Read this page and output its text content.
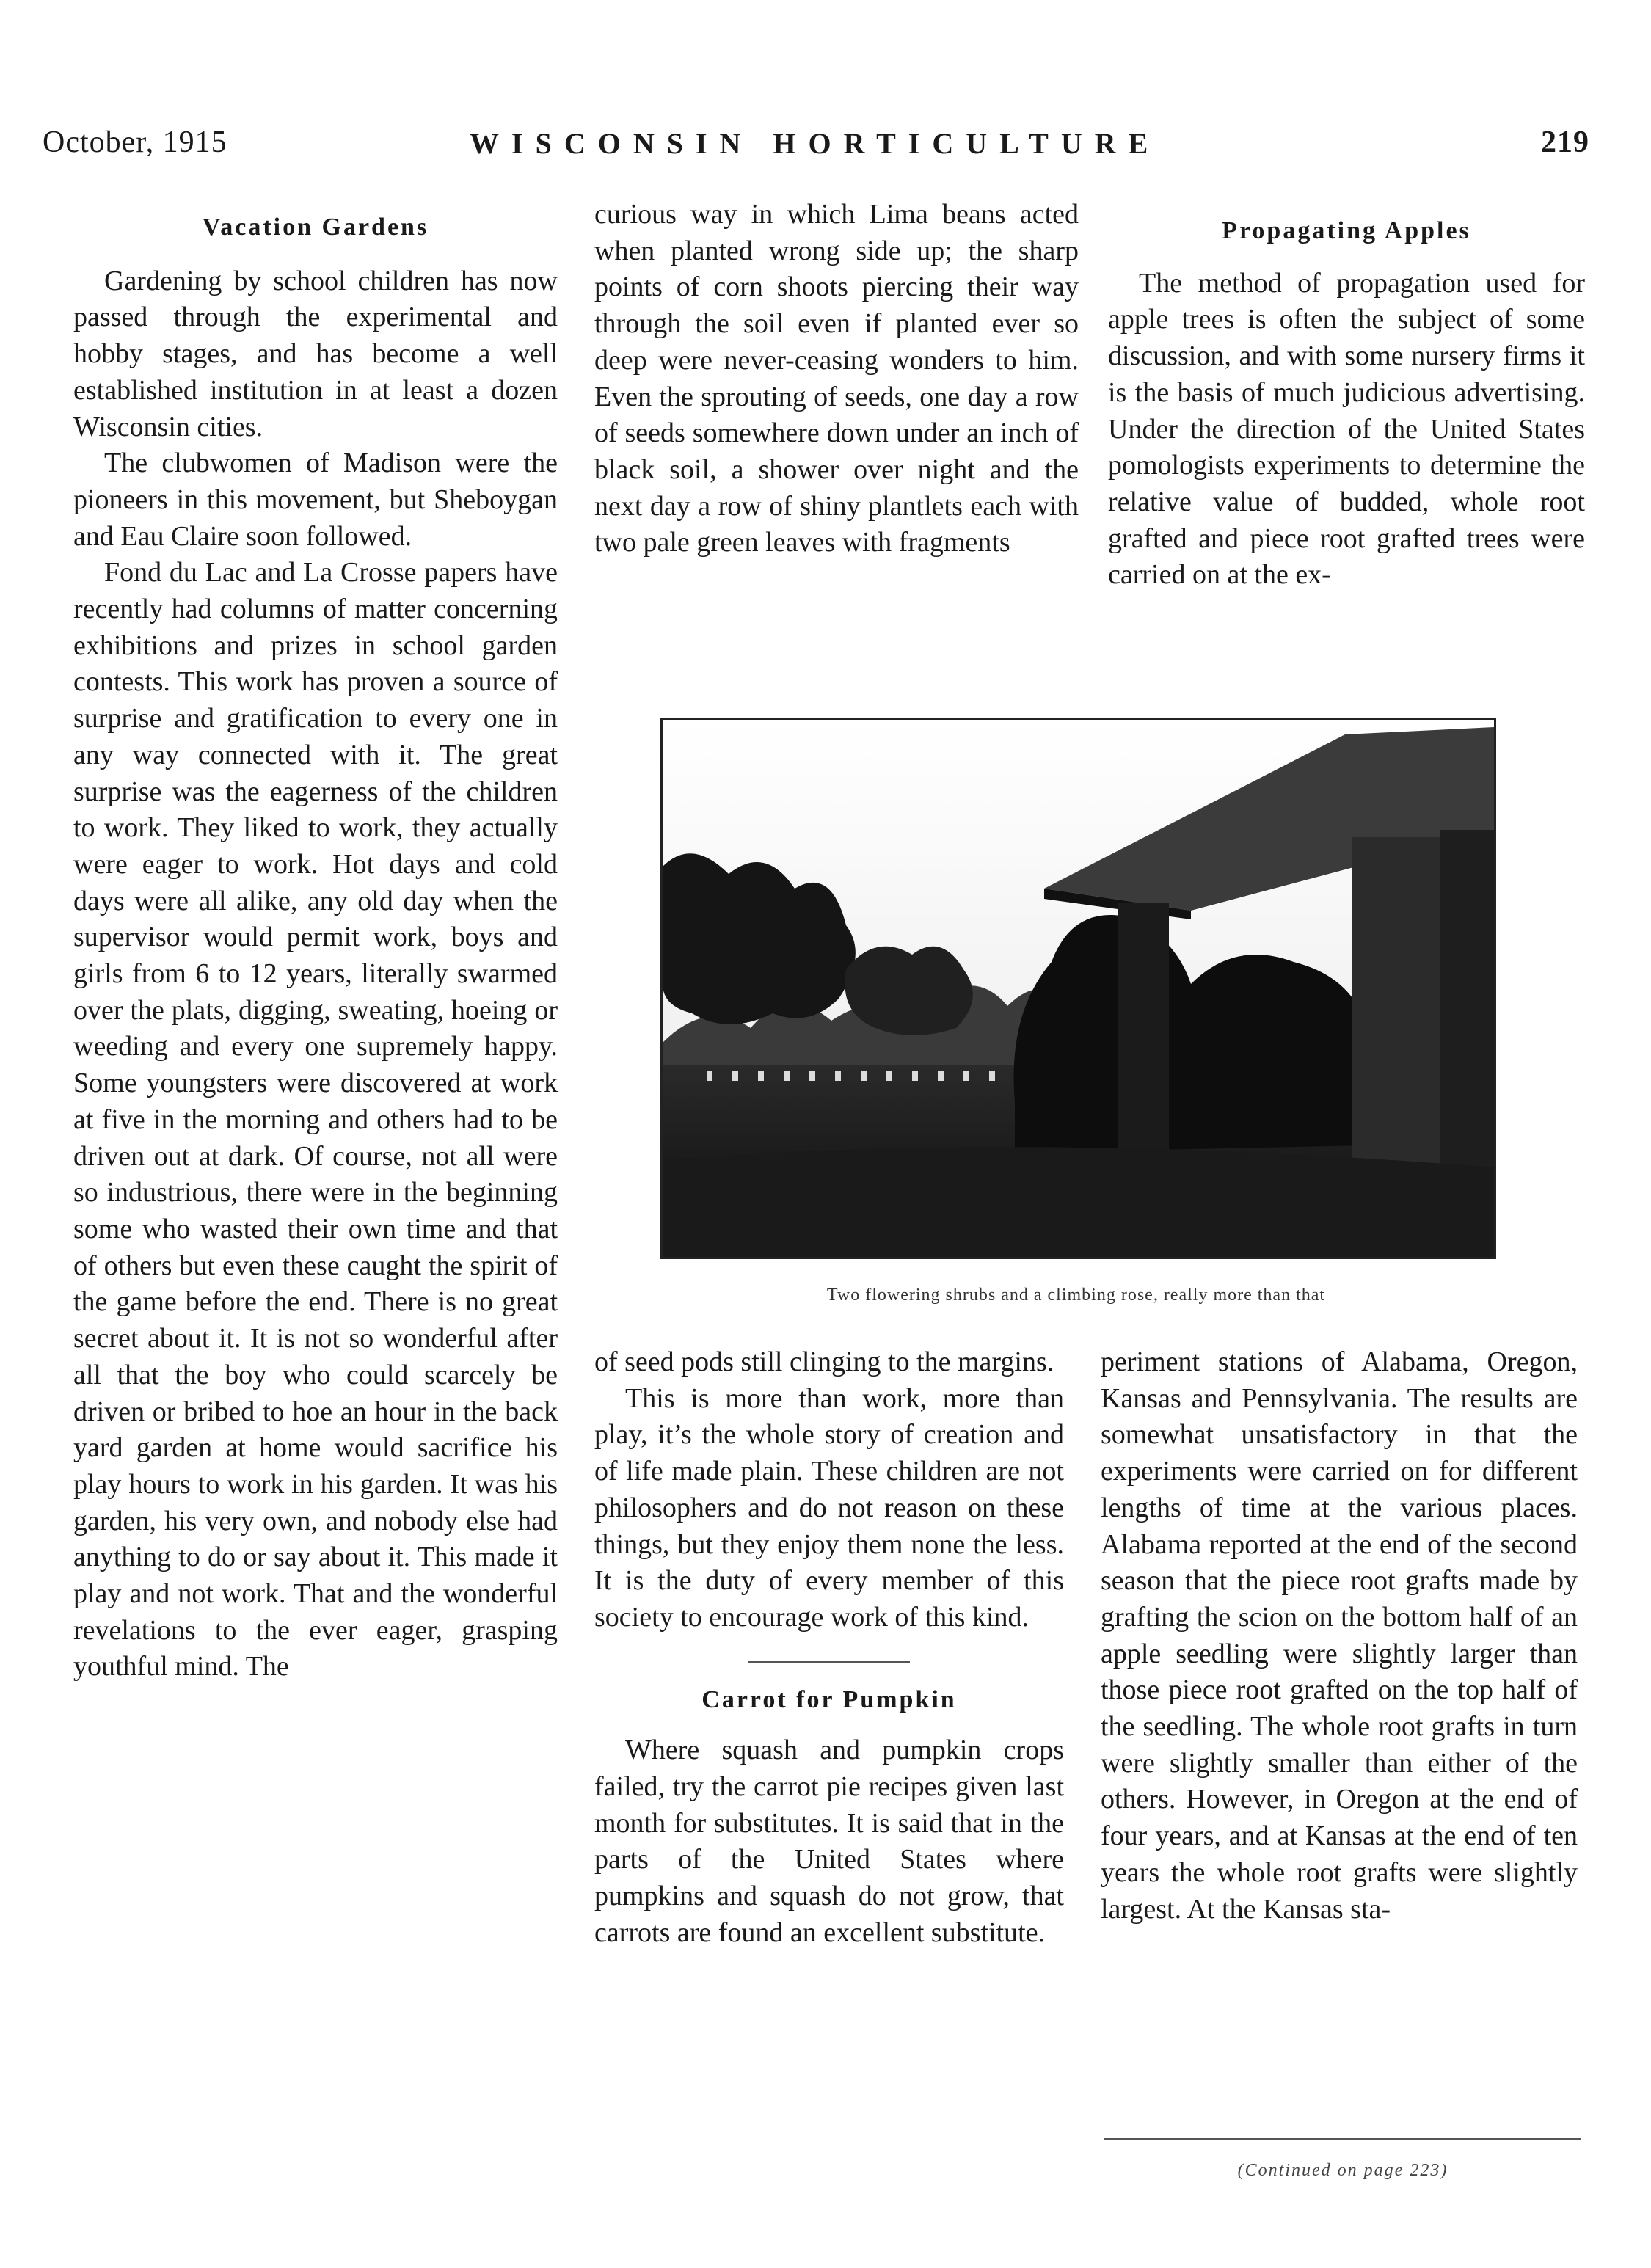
October, 1915	WISCONSIN HORTICULTURE	219
Vacation Gardens

Gardening by school children has now passed through the experimental and hobby stages, and has become a well established institution in at least a dozen Wisconsin cities.

The clubwomen of Madison were the pioneers in this movement, but Sheboygan and Eau Claire soon followed.

Fond du Lac and La Crosse papers have recently had columns of matter concerning exhibitions and prizes in school garden contests. This work has proven a source of surprise and gratification to every one in any way connected with it. The great surprise was the eagerness of the children to work. They liked to work, they actually were eager to work. Hot days and cold days were all alike, any old day when the supervisor would permit work, boys and girls from 6 to 12 years, literally swarmed over the plats, digging, sweating, hoeing or weeding and every one supremely happy. Some youngsters were discovered at work at five in the morning and others had to be driven out at dark. Of course, not all were so industrious, there were in the beginning some who wasted their own time and that of others but even these caught the spirit of the game before the end. There is no great secret about it. It is not so wonderful after all that the boy who could scarcely be driven or bribed to hoe an hour in the back yard garden at home would sacrifice his play hours to work in his garden. It was his garden, his very own, and nobody else had anything to do or say about it. This made it play and not work. That and the wonderful revelations to the ever eager, grasping youthful mind. The

curious way in which Lima beans acted when planted wrong side up; the sharp points of corn shoots piercing their way through the soil even if planted ever so deep were never-ceasing wonders to him. Even the sprouting of seeds, one day a row of seeds somewhere down under an inch of black soil, a shower over night and the next day a row of shiny plantlets each with two pale green leaves with fragments

Propagating Apples

The method of propagation used for apple trees is often the subject of some discussion, and with some nursery firms it is the basis of much judicious advertising. Under the direction of the United States pomologists experiments to determine the relative value of budded, whole root grafted and piece root grafted trees were carried on at the ex-

Two flowering shrubs and a climbing rose, really more than that

of seed pods still clinging to the margins.

This is more than work, more than play, it’s the whole story of creation and of life made plain. These children are not philosophers and do not reason on these things, but they enjoy them none the less. It is the duty of every member of this society to encourage work of this kind.

Carrot for Pumpkin

Where squash and pumpkin crops failed, try the carrot pie recipes given last month for substitutes. It is said that in the parts of the United States where pumpkins and squash do not grow, that carrots are found an excellent substitute.

periment stations of Alabama, Oregon, Kansas and Pennsylvania. The results are somewhat unsatisfactory in that the experiments were carried on for different lengths of time at the various places. Alabama reported at the end of the second season that the piece root grafts made by grafting the scion on the bottom half of an apple seedling were slightly larger than those piece root grafted on the top half of the seedling. The whole root grafts in turn were slightly smaller than either of the others. However, in Oregon at the end of four years, and at Kansas at the end of ten years the whole root grafts were slightly largest. At the Kansas sta-

(Continued on page 223)
